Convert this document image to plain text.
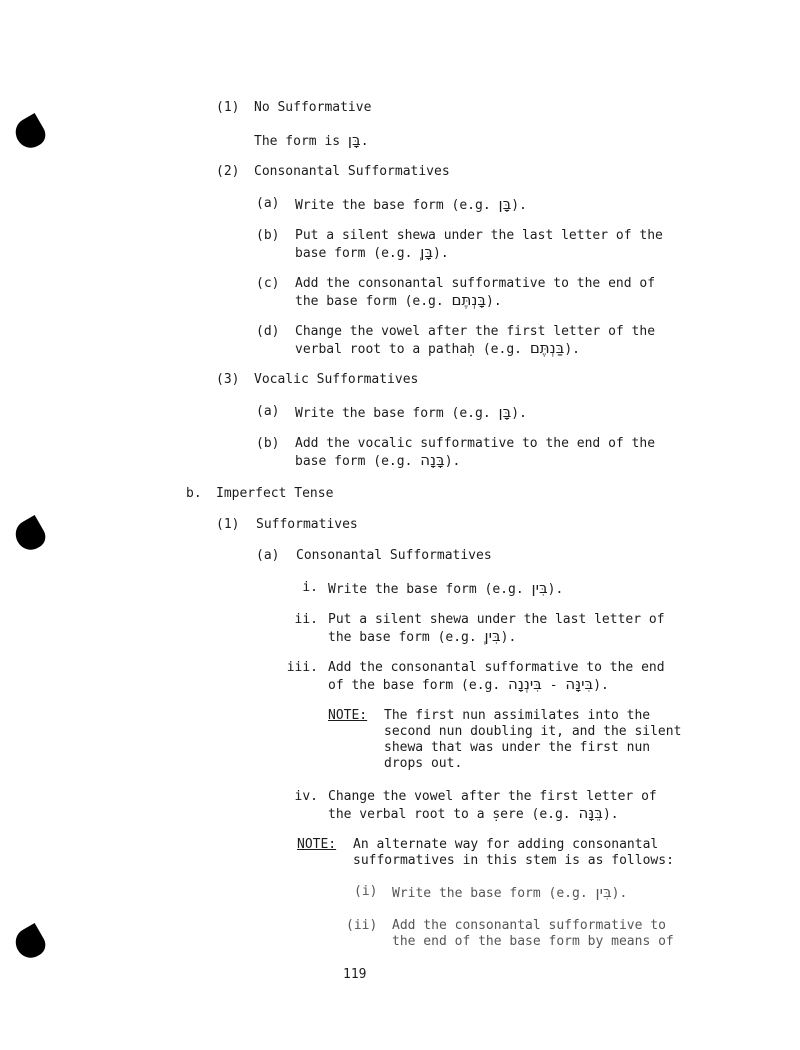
(1) No Sufformative
The form is בָּן.
(2) Consonantal Sufformatives
(a) Write the base form (e.g. בָּן).
(b) Put a silent shewa under the last letter of the
base form (e.g. בָּןְ).
(c) Add the consonantal sufformative to the end of
the base form (e.g. בָּנְתֶּם).
(d) Change the vowel after the first letter of the
verbal root to a pathaḥ (e.g. בַּנְתֶּם).
(3) Vocalic Sufformatives
(a) Write the base form (e.g. בָּן).
(b) Add the vocalic sufformative to the end of the
base form (e.g. בָּנָה).
b. Imperfect Tense
(1) Sufformatives
(a) Consonantal Sufformatives
i. Write the base form (e.g. בִּין).
ii. Put a silent shewa under the last letter of
the base form (e.g. בִּיןְ).
iii. Add the consonantal sufformative to the end
of the base form (e.g. בִּינְנָה - בִּינָּה).
NOTE: The first nun assimilates into the
second nun doubling it, and the silent
shewa that was under the first nun
drops out.
iv. Change the vowel after the first letter of
the verbal root to a ṣere (e.g. בֵּנָּה).
NOTE: An alternate way for adding consonantal
sufformatives in this stem is as follows:
(i) Write the base form (e.g. בִּין).
(ii) Add the consonantal sufformative to
the end of the base form by means of
119
